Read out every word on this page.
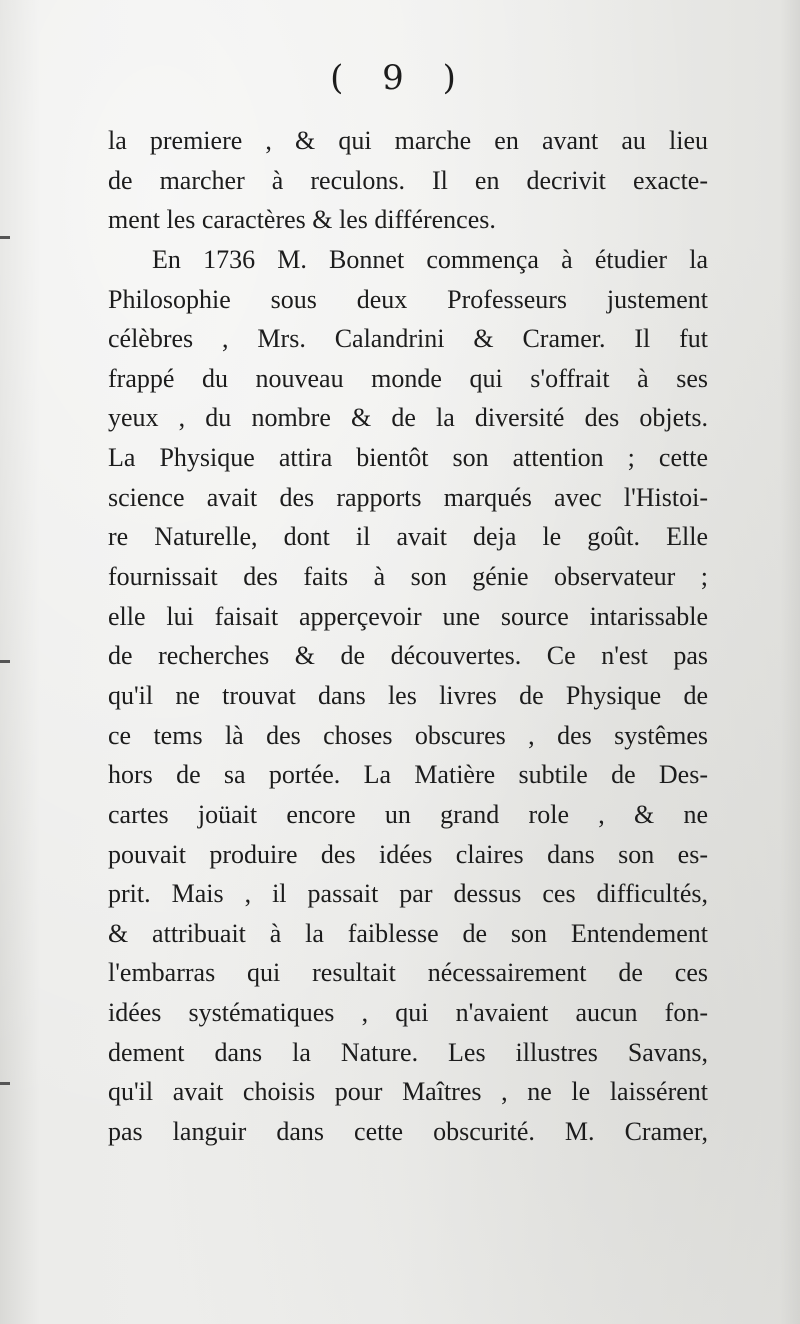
( 9 )
la premiere , & qui marche en avant au lieu
de marcher à reculons. Il en decrivit exacte-
ment les caractères & les différences.
En 1736 M. Bonnet commença à étudier la
Philosophie sous deux Professeurs justement
célèbres , Mrs. Calandrini & Cramer. Il fut
frappé du nouveau monde qui s'offrait à ses
yeux , du nombre & de la diversité des objets.
La Physique attira bientôt son attention ; cette
science avait des rapports marqués avec l'Histoi-
re Naturelle, dont il avait deja le goût. Elle
fournissait des faits à son génie observateur ;
elle lui faisait apperçevoir une source intarissable
de recherches & de découvertes. Ce n'est pas
qu'il ne trouvat dans les livres de Physique de
ce tems là des choses obscures , des systêmes
hors de sa portée. La Matière subtile de Des-
cartes joüait encore un grand role , & ne
pouvait produire des idées claires dans son es-
prit. Mais , il passait par dessus ces difficultés,
& attribuait à la faiblesse de son Entendement
l'embarras qui resultait nécessairement de ces
idées systématiques , qui n'avaient aucun fon-
dement dans la Nature. Les illustres Savans,
qu'il avait choisis pour Maîtres , ne le laissérent
pas languir dans cette obscurité. M. Cramer,
